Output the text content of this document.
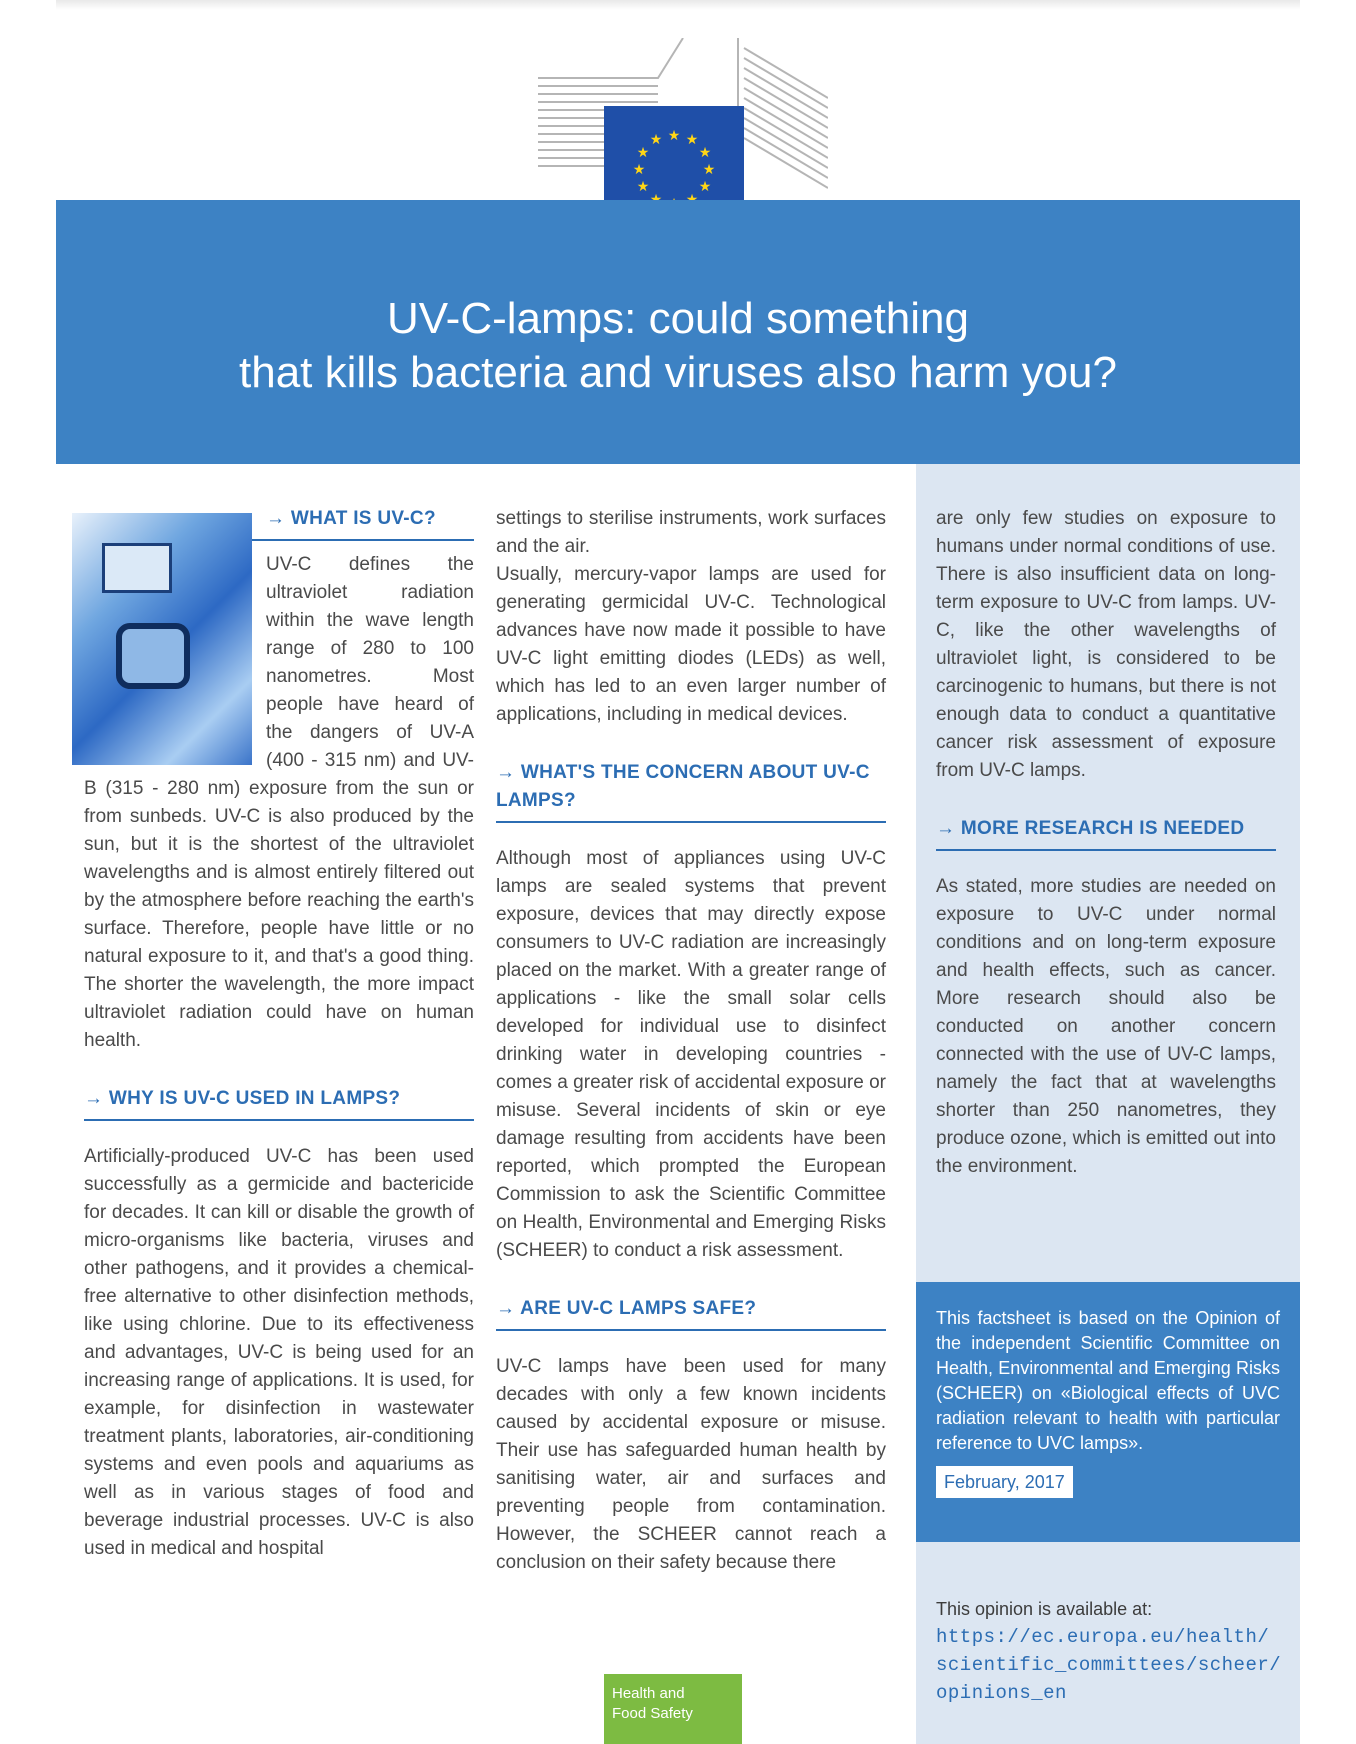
★ ★
★
★
★
★
★
★
★
UV-C-lamps: could something
that kills bacteria and viruses also harm you?
→ WHAT IS UV-C?

UV-C defines the ultraviolet radiation within the wave length range of 280 to 100 nanometres. Most people have heard of the dangers of UV-A (400 - 315 nm) and UV-B (315 - 280 nm) exposure from the sun or from sunbeds. UV-C is also produced by the sun, but it is the shortest of the ultraviolet wavelengths and is almost entirely filtered out by the atmosphere before reaching the earth's surface. Therefore, people have little or no natural exposure to it, and that's a good thing. The shorter the wavelength, the more impact ultraviolet radiation could have on human health.

→ WHY IS UV-C USED IN LAMPS?

Artificially-produced UV-C has been used successfully as a germicide and bactericide for decades. It can kill or disable the growth of micro-organisms like bacteria, viruses and other pathogens, and it provides a chemical-free alternative to other disinfection methods, like using chlorine. Due to its effectiveness and advantages, UV-C is being used for an increasing range of applications. It is used, for example, for disinfection in wastewater treatment plants, laboratories, air-conditioning systems and even pools and aquariums as well as in various stages of food and beverage industrial processes. UV-C is also used in medical and hospital

settings to sterilise instruments, work surfaces and the air.

Usually, mercury-vapor lamps are used for generating germicidal UV-C. Technological advances have now made it possible to have UV-C light emitting diodes (LEDs) as well, which has led to an even larger number of applications, including in medical devices.

→ WHAT'S THE CONCERN ABOUT UV-C LAMPS?

Although most of appliances using UV-C lamps are sealed systems that prevent exposure, devices that may directly expose consumers to UV-C radiation are increasingly placed on the market. With a greater range of applications - like the small solar cells developed for individual use to disinfect drinking water in developing countries - comes a greater risk of accidental exposure or misuse. Several incidents of skin or eye damage resulting from accidents have been reported, which prompted the European Commission to ask the Scientific Committee on Health, Environmental and Emerging Risks (SCHEER) to conduct a risk assessment.

→ ARE UV-C LAMPS SAFE?

UV-C lamps have been used for many decades with only a few known incidents caused by accidental exposure or misuse. Their use has safeguarded human health by sanitising water, air and surfaces and preventing people from contamination. However, the SCHEER cannot reach a conclusion on their safety because there

are only few studies on exposure to humans under normal conditions of use. There is also insufficient data on long-term exposure to UV-C from lamps. UV-C, like the other wavelengths of ultraviolet light, is considered to be carcinogenic to humans, but there is not enough data to conduct a quantitative cancer risk assessment of exposure from UV-C lamps.

→ MORE RESEARCH IS NEEDED

As stated, more studies are needed on exposure to UV-C under normal conditions and on long-term exposure and health effects, such as cancer. More research should also be conducted on another concern connected with the use of UV-C lamps, namely the fact that at wavelengths shorter than 250 nanometres, they produce ozone, which is emitted out into the environment.

This factsheet is based on the Opinion of the independent Scientific Committee on Health, Environmental and Emerging Risks (SCHEER) on «Biological effects of UVC radiation relevant to health with particular reference to UVC lamps».

February, 2017
This opinion is available at:
https://ec.europa.eu/health/
scientific_committees/scheer/
opinions_en
Health and
Food Safety
